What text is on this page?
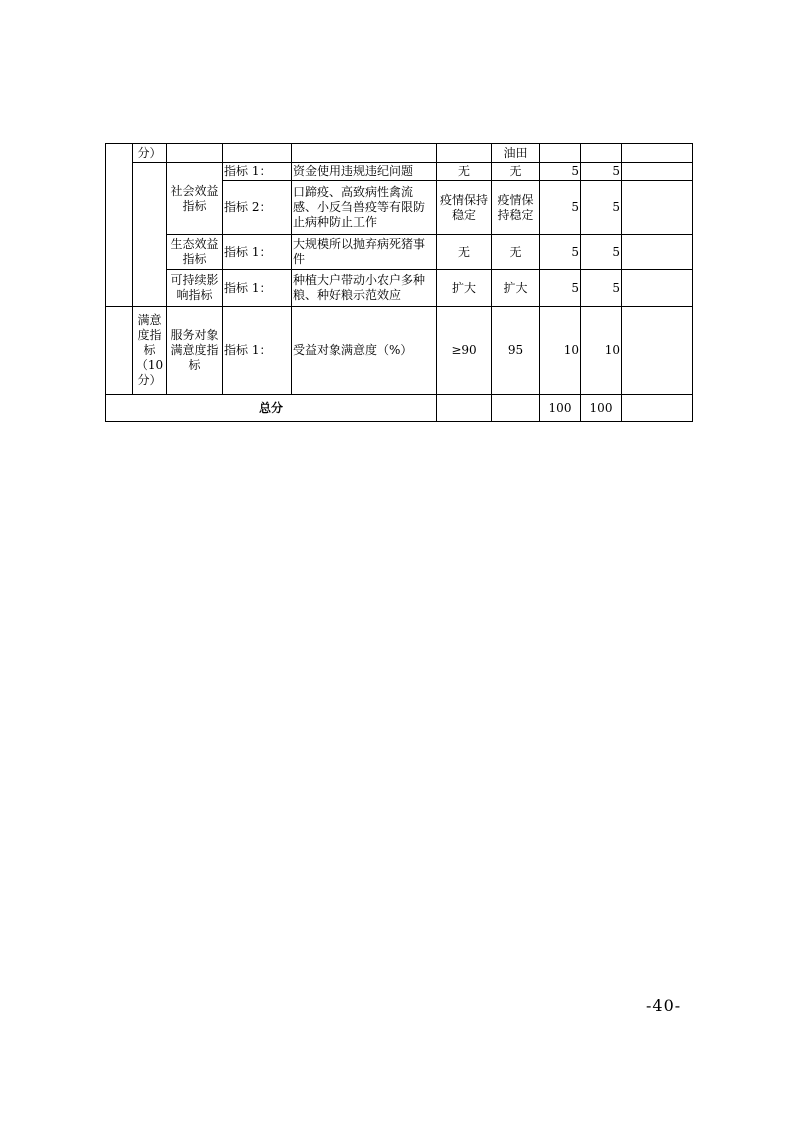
	分）					油田			
		社会效益指标	指标 1：	资金使用违规违纪问题	无	无	5	5	
			指标 2：	口蹄疫、高致病性禽流感、小反刍兽疫等有限防止病种防止工作	疫情保持稳定	疫情保持稳定	5	5	
		生态效益指标	指标 1：	大规模所以抛弃病死猪事件	无	无	5	5	
		可持续影响指标	指标 1：	种植大户带动小农户多种粮、种好粮示范效应	扩大	扩大	5	5	
	满意度指标（10分）	服务对象满意度指标	指标 1：	受益对象满意度（%）	≥90	95	10	10	
总分							100	100	
-40-
